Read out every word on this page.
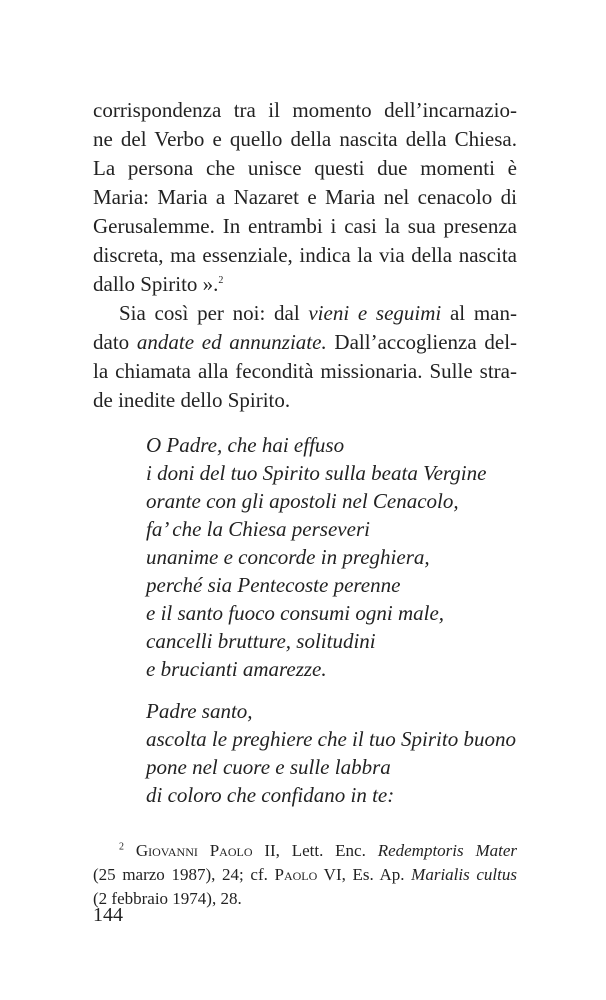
corrispondenza tra il momento dell’incarnazio-
ne del Verbo e quello della nascita della Chiesa.
La persona che unisce questi due momenti è
Maria: Maria a Nazaret e Maria nel cenacolo di
Gerusalemme. In entrambi i casi la sua presenza
discreta, ma essenziale, indica la via della nascita
dallo Spirito ».$^2$
Sia così per noi: dal vieni e seguimi al man-
dato andate ed annunziate. Dall’accoglienza del-
la chiamata alla fecondità missionaria. Sulle stra-
de inedite dello Spirito.
O Padre, che hai effuso
i doni del tuo Spirito sulla beata Vergine
orante con gli apostoli nel Cenacolo,
fa’ che la Chiesa perseveri
unanime e concorde in preghiera,
perché sia Pentecoste perenne
e il santo fuoco consumi ogni male,
cancelli brutture, solitudini
e brucianti amarezze.
Padre santo,
ascolta le preghiere che il tuo Spirito buono
pone nel cuore e sulle labbra
di coloro che confidano in te:
$^2$ Giovanni Paolo II, Lett. Enc. Redemptoris Mater
(25 marzo 1987), 24; cf. Paolo VI, Es. Ap. Marialis cultus
(2 febbraio 1974), 28.
144
